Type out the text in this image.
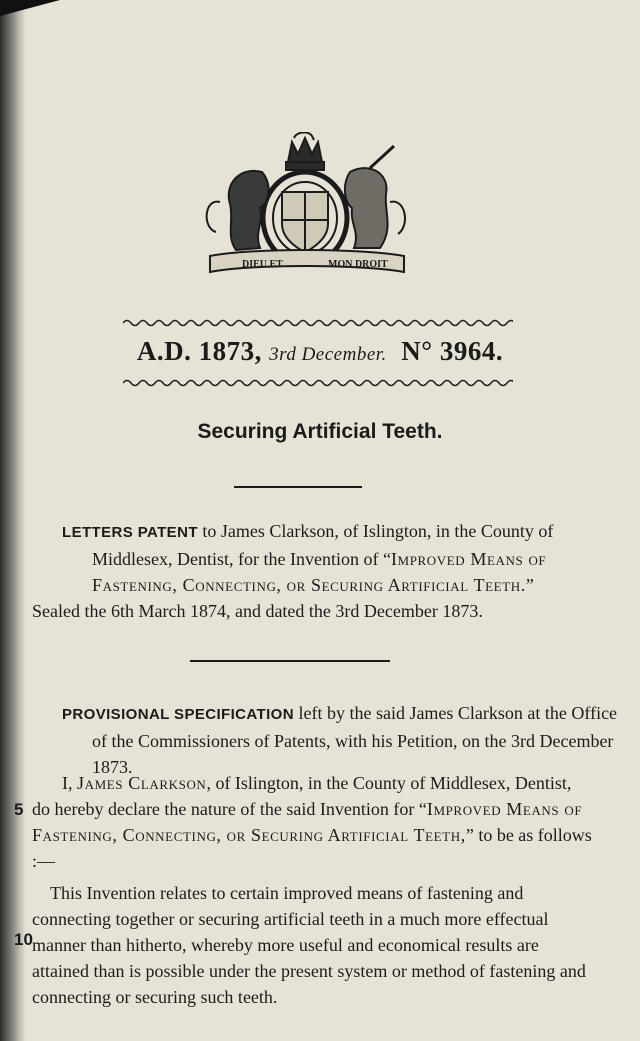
DIEU ET	MON DROIT
A.D. 1873, 3rd December. N° 3964.
Securing Artificial Teeth.
LETTERS PATENT to James Clarkson, of Islington, in the County of Middlesex, Dentist, for the Invention of “Improved Means of Fastening, Connecting, or Securing Artificial Teeth.”
Sealed the 6th March 1874, and dated the 3rd December 1873.
PROVISIONAL SPECIFICATION left by the said James Clarkson at the Office of the Commissioners of Patents, with his Petition, on the 3rd December 1873.
I, James Clarkson, of Islington, in the County of Middlesex, Dentist, do hereby declare the nature of the said Invention for “Improved Means of Fastening, Connecting, or Securing Artificial Teeth,” to be as follows :—
This Invention relates to certain improved means of fastening and connecting together or securing artificial teeth in a much more effectual manner than hitherto, whereby more useful and economical results are attained than is possible under the present system or method of fastening and connecting or securing such teeth.
5
10
